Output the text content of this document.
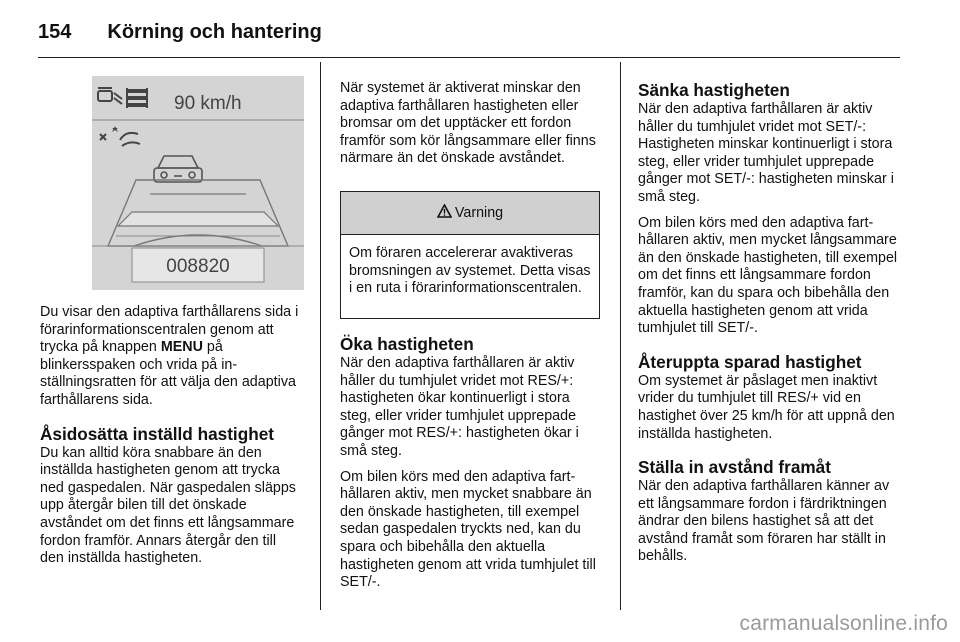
154 Körning och hantering
90 km/h
008820

Du visar den adaptiva farthållarens sida i förarinformationscentralen genom att trycka på knappen MENU på blinkersspaken och vrida på inställningsratten för att välja den adaptiva farthållarens sida.

Åsidosätta inställd hastighet

Du kan alltid köra snabbare än den inställda hastigheten genom att trycka ned gaspedalen. När gaspedalen släpps upp återgår bilen till det önskade avståndet om det finns ett långsammare fordon framför. Annars återgår den till den inställda hastigheten.

När systemet är aktiverat minskar den adaptiva farthållaren hastigheten eller bromsar om det upptäcker ett fordon framför som kör långsammare eller finns närmare än det önskade avståndet.

Varning
Om föraren accelererar avaktiveras bromsningen av systemet. Detta visas i en ruta i förarinformationscentralen.
Öka hastigheten

När den adaptiva farthållaren är aktiv håller du tumhjulet vridet mot RES/+: hastigheten ökar kontinuerligt i stora steg, eller vrider tumhjulet upprepade gånger mot RES/+: hastigheten ökar i små steg.

Om bilen körs med den adaptiva farthållaren aktiv, men mycket snabbare än den önskade hastigheten, till exempel sedan gaspedalen tryckts ned, kan du spara och bibehålla den aktuella hastigheten genom att vrida tumhjulet till SET/-.

Sänka hastigheten

När den adaptiva farthållaren är aktiv håller du tumhjulet vridet mot SET/-: Hastigheten minskar kontinuerligt i stora steg, eller vrider tumhjulet upprepade gånger mot SET/-: hastigheten minskar i små steg.

Om bilen körs med den adaptiva farthållaren aktiv, men mycket långsammare än den önskade hastigheten, till exempel om det finns ett långsammare fordon framför, kan du spara och bibehålla den aktuella hastigheten genom att vrida tumhjulet till SET/-.

Återuppta sparad hastighet

Om systemet är påslaget men inaktivt vrider du tumhjulet till RES/+ vid en hastighet över 25 km/h för att uppnå den inställda hastigheten.

Ställa in avstånd framåt

När den adaptiva farthållaren känner av ett långsammare fordon i färdriktningen ändrar den bilens hastighet så att det avstånd framåt som föraren har ställt in behålls.

carmanualsonline.info
